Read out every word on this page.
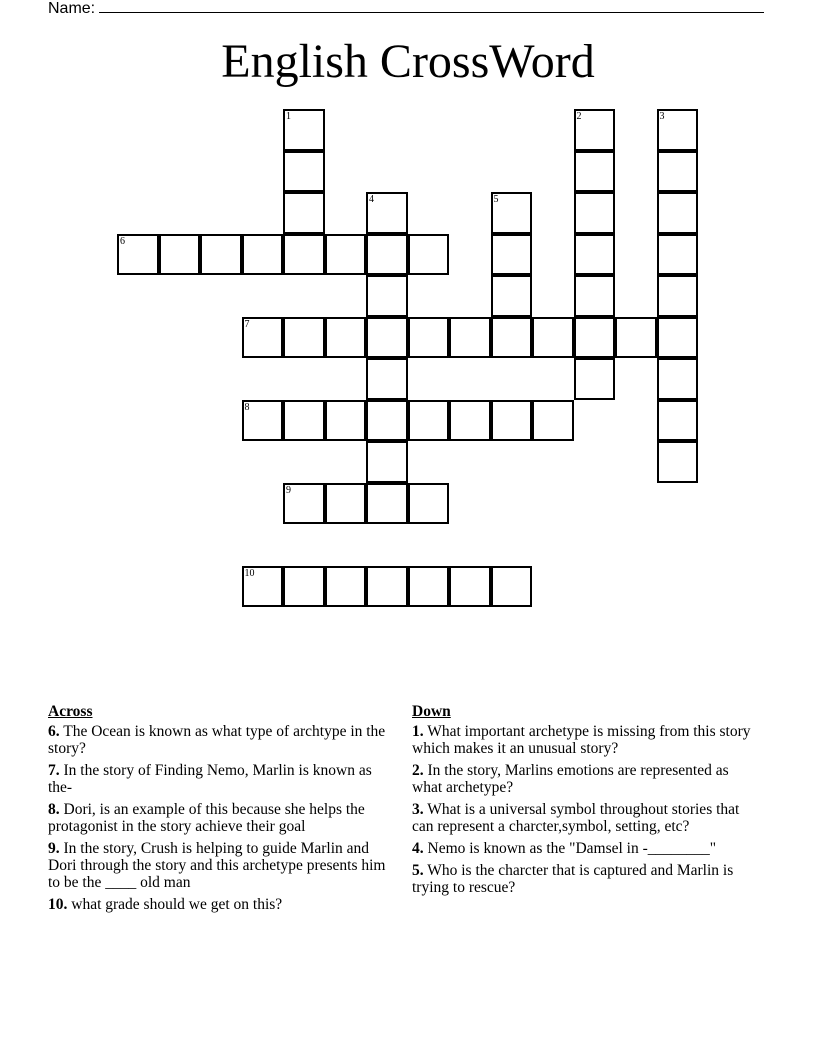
Name:
English CrossWord
1	2	3
4	5
6
7
8
9
10
Across
6. The Ocean is known as what type of archtype in the story?
7. In the story of Finding Nemo, Marlin is known as the-
8. Dori, is an example of this because she helps the protagonist in the story achieve their goal
9. In the story, Crush is helping to guide Marlin and Dori through the story and this archetype presents him to be the ____ old man
10. what grade should we get on this?
Down
1. What important archetype is missing from this story which makes it an unusual story?
2. In the story, Marlins emotions are represented as what archetype?
3. What is a universal symbol throughout stories that can represent a charcter,symbol, setting, etc?
4. Nemo is known as the "Damsel in -________"
5. Who is the charcter that is captured and Marlin is trying to rescue?
